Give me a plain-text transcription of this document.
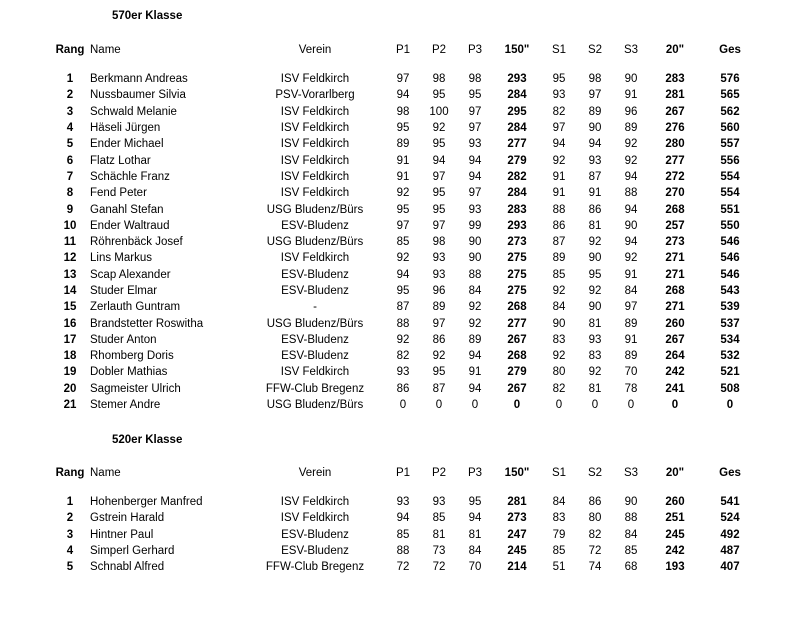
570er Klasse
Rang	Name	Verein	P1	P2	P3	150"	S1	S2	S3	20"	Ges

1	Berkmann Andreas	ISV Feldkirch	97	98	98	293	95	98	90	283	576
2	Nussbaumer Silvia	PSV-Vorarlberg	94	95	95	284	93	97	91	281	565
3	Schwald Melanie	ISV Feldkirch	98	100	97	295	82	89	96	267	562
4	Häseli Jürgen	ISV Feldkirch	95	92	97	284	97	90	89	276	560
5	Ender Michael	ISV Feldkirch	89	95	93	277	94	94	92	280	557
6	Flatz Lothar	ISV Feldkirch	91	94	94	279	92	93	92	277	556
7	Schächle Franz	ISV Feldkirch	91	97	94	282	91	87	94	272	554
8	Fend Peter	ISV Feldkirch	92	95	97	284	91	91	88	270	554
9	Ganahl Stefan	USG Bludenz/Bürs	95	95	93	283	88	86	94	268	551
10	Ender Waltraud	ESV-Bludenz	97	97	99	293	86	81	90	257	550
11	Röhrenbäck Josef	USG Bludenz/Bürs	85	98	90	273	87	92	94	273	546
12	Lins Markus	ISV Feldkirch	92	93	90	275	89	90	92	271	546
13	Scap Alexander	ESV-Bludenz	94	93	88	275	85	95	91	271	546
14	Studer Elmar	ESV-Bludenz	95	96	84	275	92	92	84	268	543
15	Zerlauth Guntram	-	87	89	92	268	84	90	97	271	539
16	Brandstetter Roswitha	USG Bludenz/Bürs	88	97	92	277	90	81	89	260	537
17	Studer Anton	ESV-Bludenz	92	86	89	267	83	93	91	267	534
18	Rhomberg Doris	ESV-Bludenz	82	92	94	268	92	83	89	264	532
19	Dobler Mathias	ISV Feldkirch	93	95	91	279	80	92	70	242	521
20	Sagmeister Ulrich	FFW-Club Bregenz	86	87	94	267	82	81	78	241	508
21	Stemer Andre	USG Bludenz/Bürs	0	0	0	0	0	0	0	0	0
520er Klasse
Rang	Name	Verein	P1	P2	P3	150"	S1	S2	S3	20"	Ges

1	Hohenberger Manfred	ISV Feldkirch	93	93	95	281	84	86	90	260	541
2	Gstrein Harald	ISV Feldkirch	94	85	94	273	83	80	88	251	524
3	Hintner Paul	ESV-Bludenz	85	81	81	247	79	82	84	245	492
4	Simperl Gerhard	ESV-Bludenz	88	73	84	245	85	72	85	242	487
5	Schnabl Alfred	FFW-Club Bregenz	72	72	70	214	51	74	68	193	407
